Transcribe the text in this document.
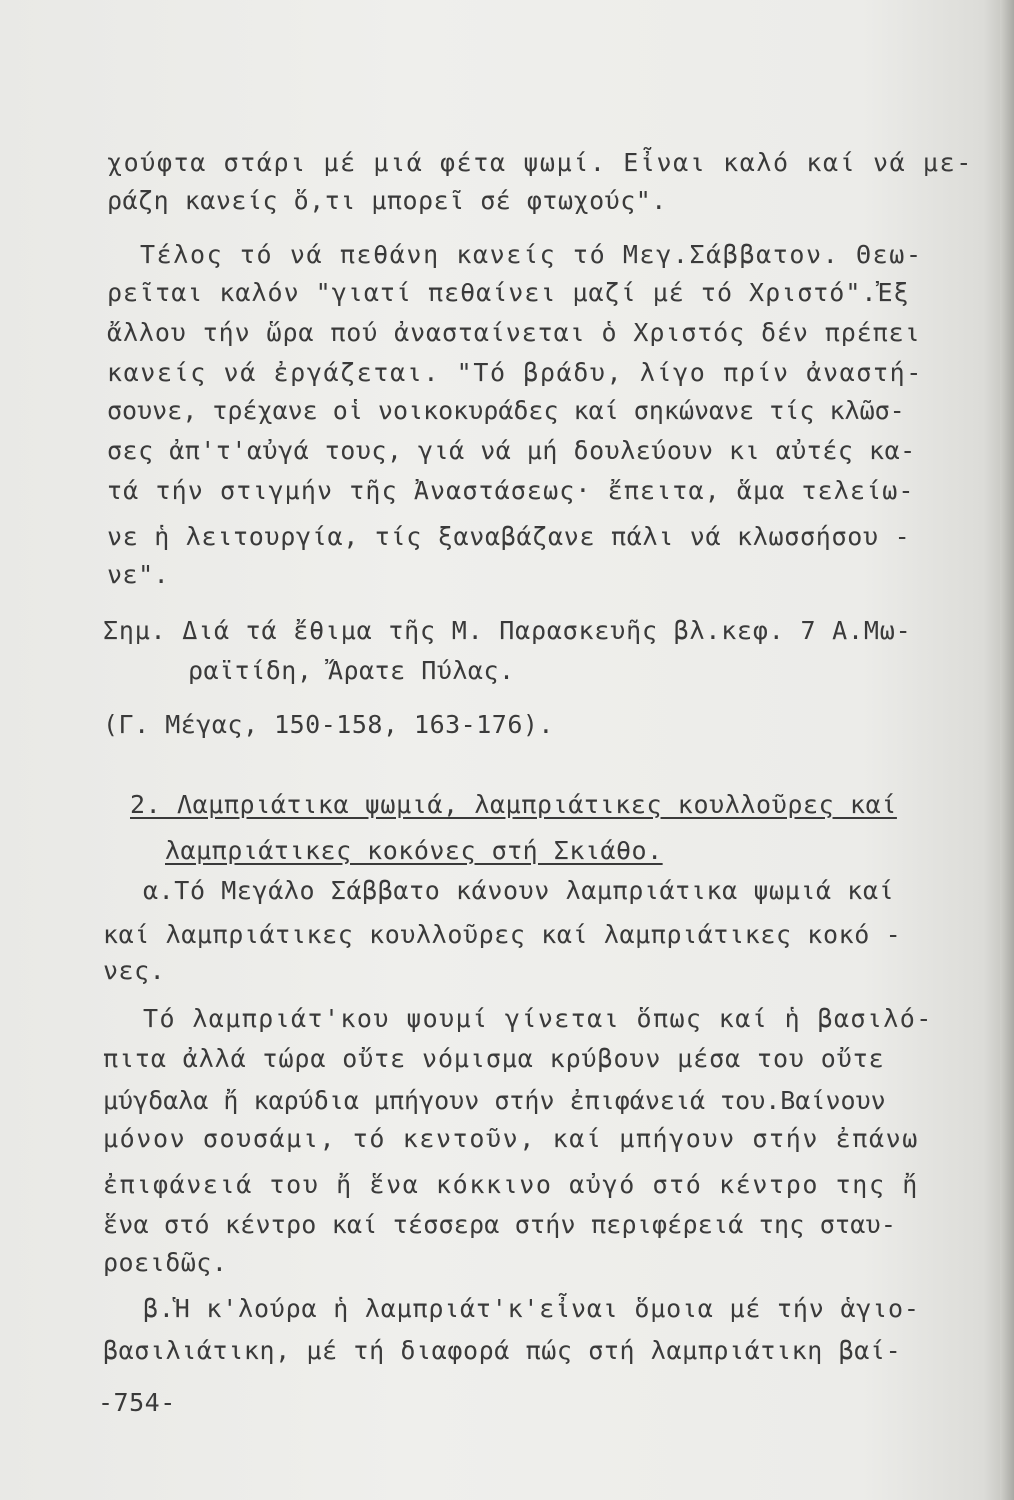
χούφτα στάρι μέ μιά φέτα ψωμί. Εἶναι καλό καί νά με-
ράζη κανείς ὅ,τι μπορεῖ σέ φτωχούς".
Τέλος τό νά πεθάνη κανείς τό Μεγ.Σάββατον. Θεω-
ρεῖται καλόν "γιατί πεθαίνει μαζί μέ τό Χριστό".Ἐξ
ἄλλου τήν ὥρα πού ἀνασταίνεται ὁ Χριστός δέν πρέπει
κανείς νά ἐργάζεται. "Τό βράδυ, λίγο πρίν ἀναστή-
σουνε, τρέχανε οἱ νοικοκυράδες καί σηκώνανε τίς κλῶσ-
σες ἀπ'τ'αὐγά τους, γιά νά μή δουλεύουν κι αὐτές κα-
τά τήν στιγμήν τῆς Ἀναστάσεως· ἔπειτα, ἅμα τελείω-
νε ἡ λειτουργία, τίς ξαναβάζανε πάλι νά κλωσσήσου -
νε".
Σημ. Διά τά ἔθιμα τῆς Μ. Παρασκευῆς βλ.κεφ. 7 Α.Μω-
ραϊτίδη, Ἄρατε Πύλας.
(Γ. Μέγας, 150-158, 163-176).
2. Λαμπριάτικα ψωμιά, λαμπριάτικες κουλλοῦρες καί
λαμπριάτικες κοκόνες στή Σκιάθο.
α.Τό Μεγάλο Σάββατο κάνουν λαμπριάτικα ψωμιά καί
καί λαμπριάτικες κουλλοῦρες καί λαμπριάτικες κοκό -
νες.
Τό λαμπριάτ'κου ψουμί γίνεται ὅπως καί ἡ βασιλό-
πιτα ἀλλά τώρα οὔτε νόμισμα κρύβουν μέσα του οὔτε
μύγδαλα ἤ καρύδια μπήγουν στήν ἐπιφάνειά του.Βαίνουν
μόνον σουσάμι, τό κεντοῦν, καί μπήγουν στήν ἐπάνω
ἐπιφάνειά του ἤ ἕνα κόκκινο αὐγό στό κέντρο της ἤ
ἕνα στό κέντρο καί τέσσερα στήν περιφέρειά της σταυ-
ροειδῶς.
β.Ἡ κ'λούρα ἡ λαμπριάτ'κ'εἶναι ὅμοια μέ τήν ἁγιο-
βασιλιάτικη, μέ τή διαφορά πώς στή λαμπριάτικη βαί-
-754-
